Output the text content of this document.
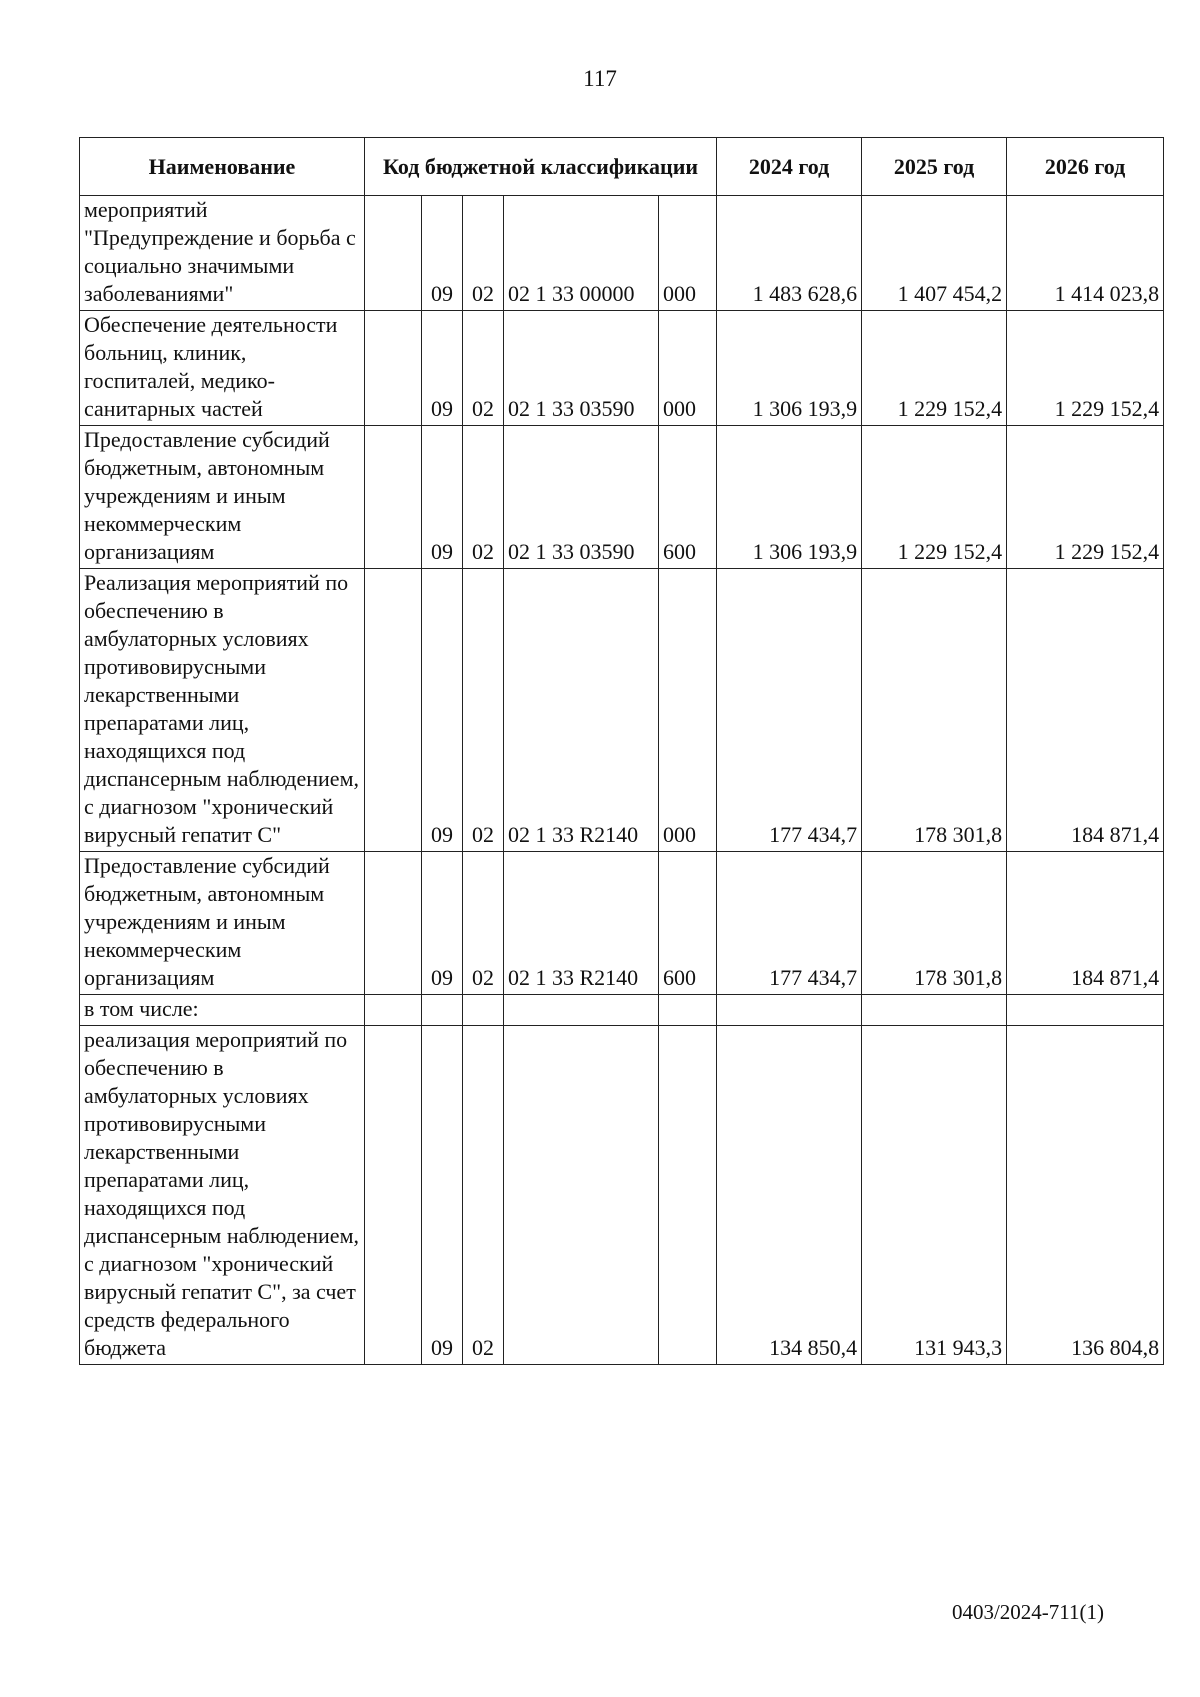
117
Наименование	Код бюджетной классификации					2024 год	2025 год	2026 год
мероприятий "Предупреждение и борьба с социально значимыми заболеваниями"		09	02	02 1 33 00000	000	1 483 628,6	1 407 454,2	1 414 023,8
Обеспечение деятельности больниц, клиник, госпиталей, медико-санитарных частей		09	02	02 1 33 03590	000	1 306 193,9	1 229 152,4	1 229 152,4
Предоставление субсидий бюджетным, автономным учреждениям и иным некоммерческим организациям		09	02	02 1 33 03590	600	1 306 193,9	1 229 152,4	1 229 152,4
Реализация мероприятий по обеспечению в амбулаторных условиях противовирусными лекарственными препаратами лиц, находящихся под диспансерным наблюдением, с диагнозом "хронический вирусный гепатит С"		09	02	02 1 33 R2140	000	177 434,7	178 301,8	184 871,4
Предоставление субсидий бюджетным, автономным учреждениям и иным некоммерческим организациям		09	02	02 1 33 R2140	600	177 434,7	178 301,8	184 871,4
в том числе:								
реализация мероприятий по обеспечению в амбулаторных условиях противовирусными лекарственными препаратами лиц, находящихся под диспансерным наблюдением, с диагнозом "хронический вирусный гепатит С", за счет средств федерального бюджета		09	02			134 850,4	131 943,3	136 804,8
0403/2024-711(1)
